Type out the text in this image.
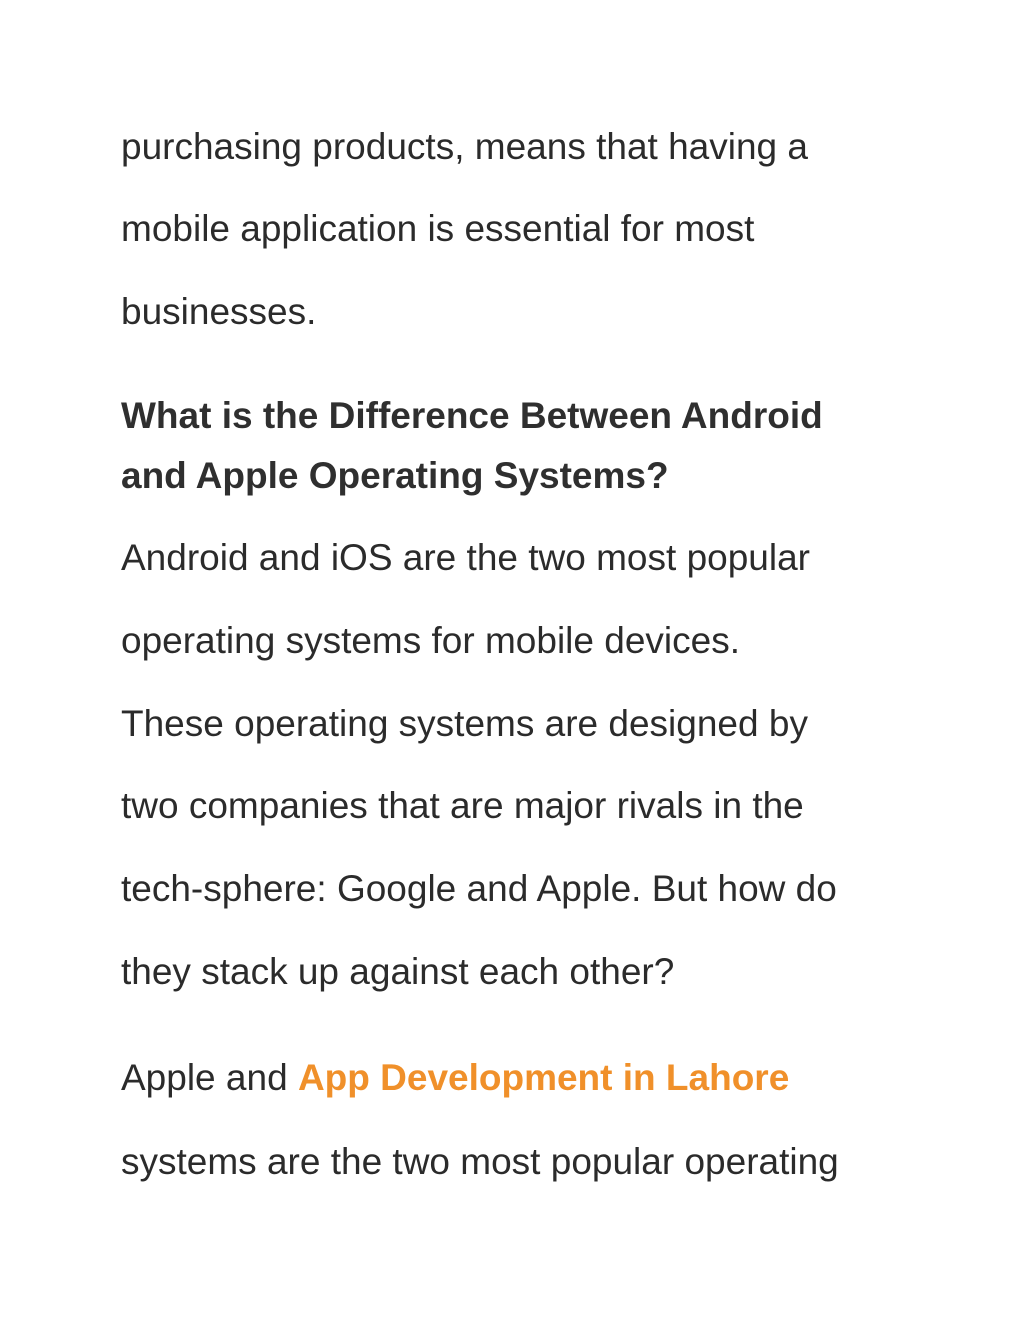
purchasing products, means that having a

mobile application is essential for most

businesses.

What is the Difference Between Android
and Apple Operating Systems?

Android and iOS are the two most popular

operating systems for mobile devices.

These operating systems are designed by

two companies that are major rivals in the

tech-sphere: Google and Apple. But how do

they stack up against each other?

Apple and App Development in Lahore

systems are the two most popular operating
